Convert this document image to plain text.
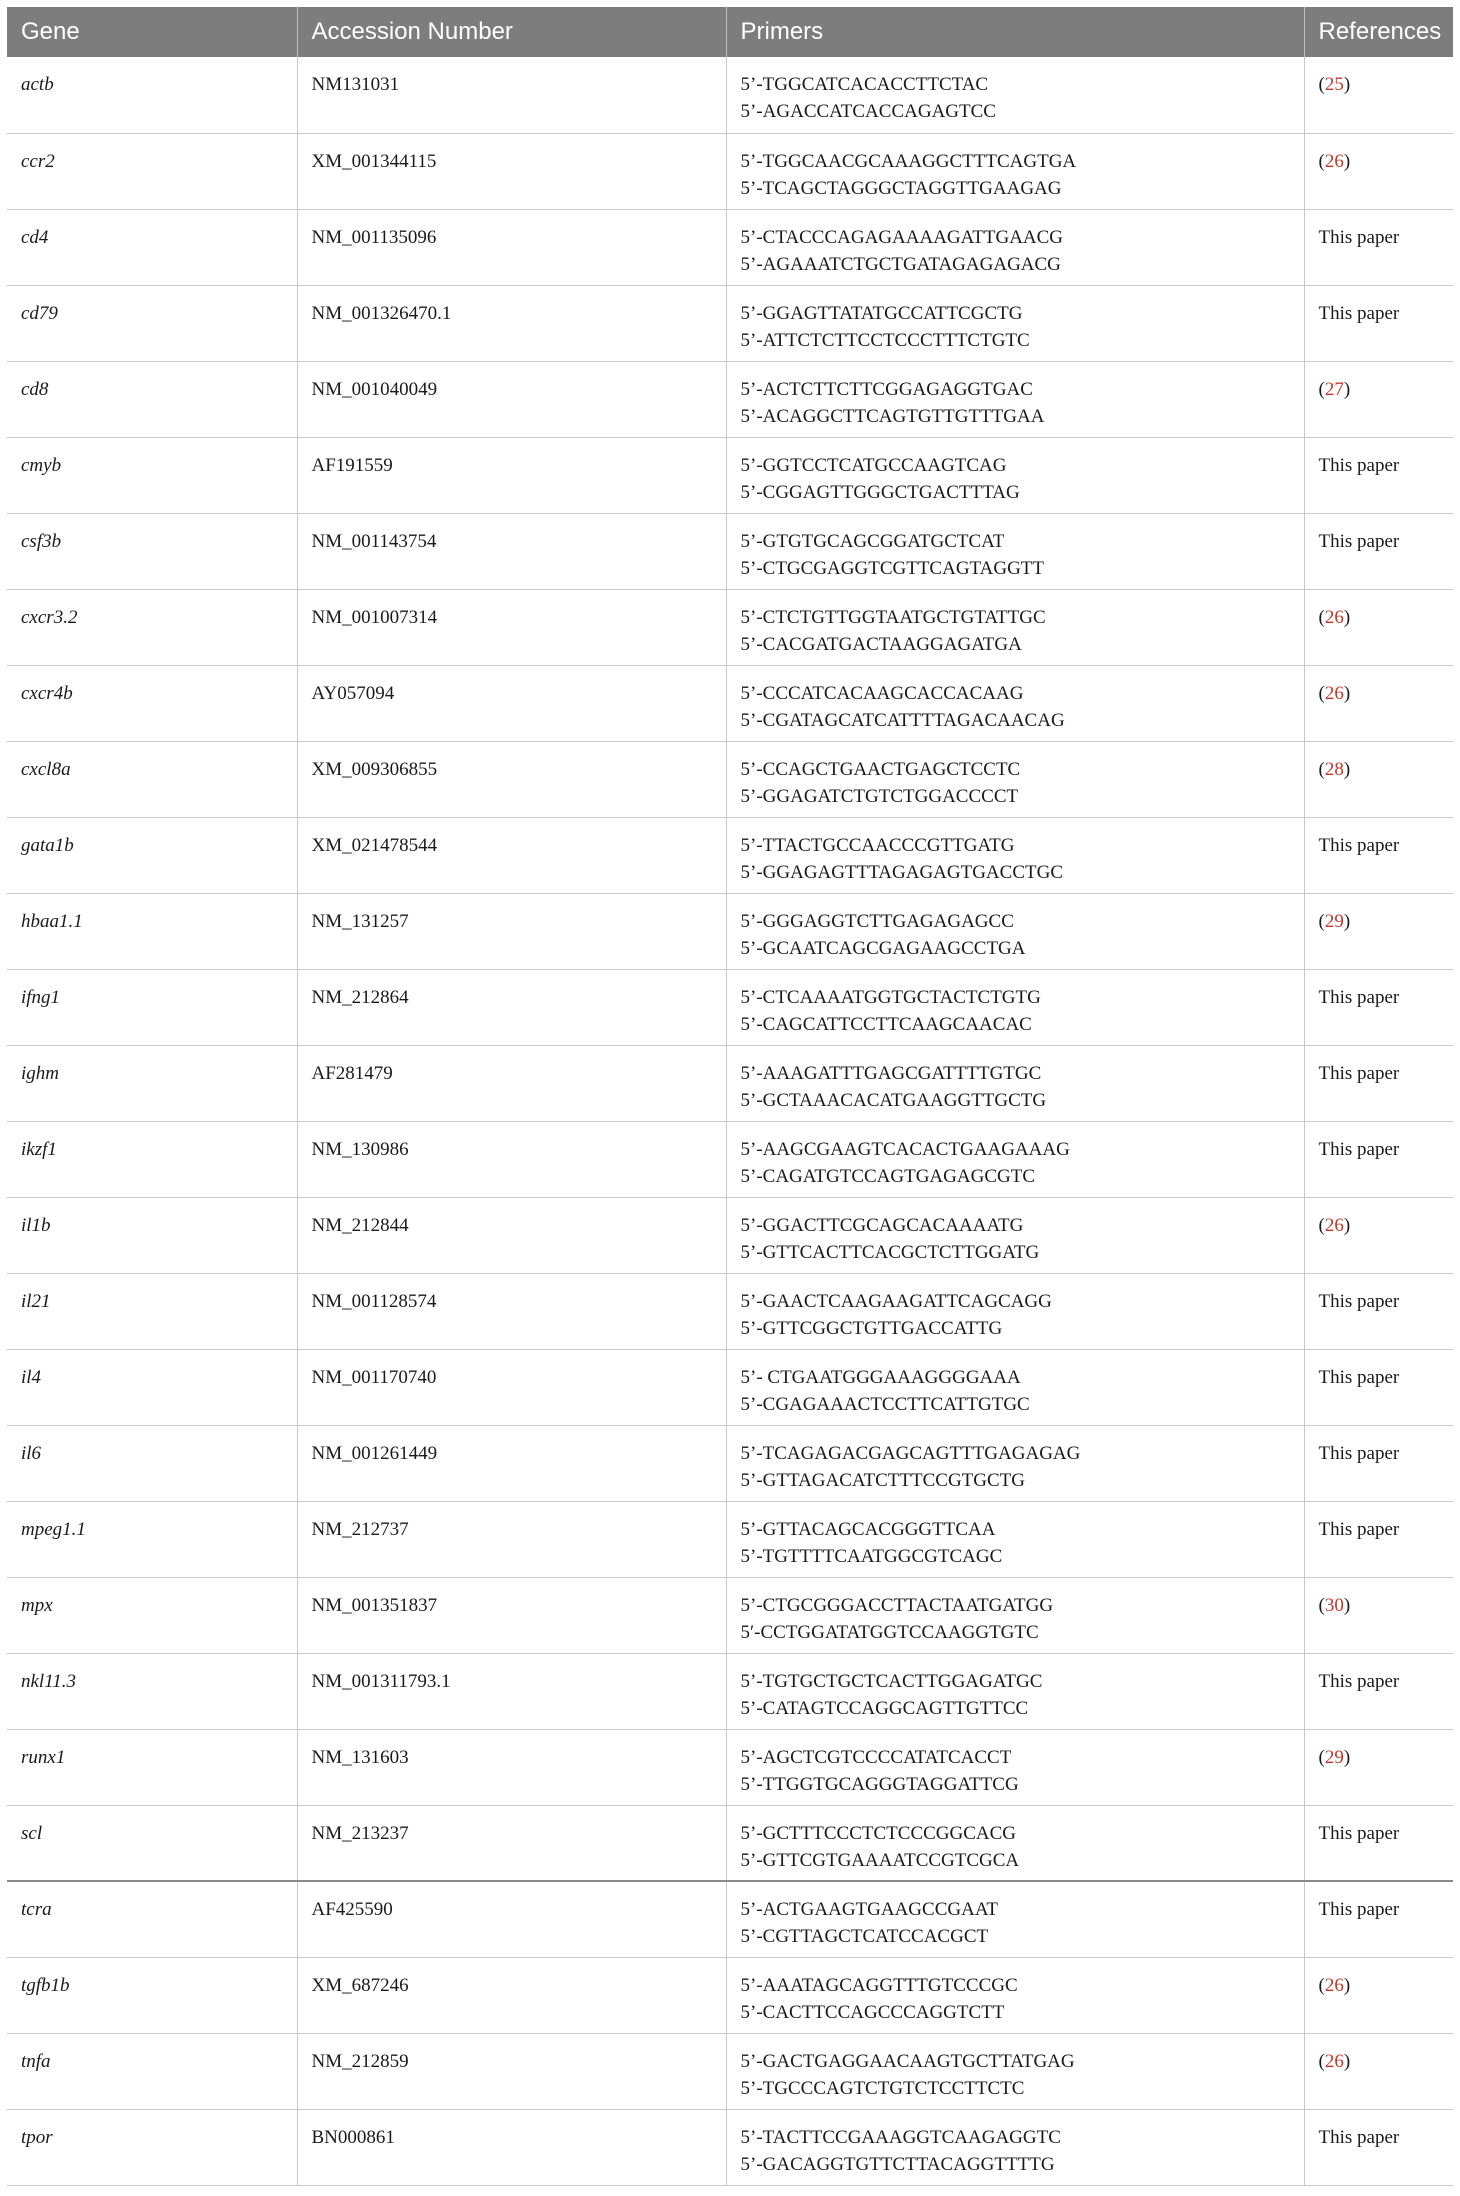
Gene	Accession Number	Primers	References
actb	NM131031	5’-TGGCATCACACCTTCTAC
5’-AGACCATCACCAGAGTCC	(25)
ccr2	XM_001344115	5’-TGGCAACGCAAAGGCTTTCAGTGA
5’-TCAGCTAGGGCTAGGTTGAAGAG	(26)
cd4	NM_001135096	5’-CTACCCAGAGAAAAGATTGAACG
5’-AGAAATCTGCTGATAGAGAGACG	This paper
cd79	NM_001326470.1	5’-GGAGTTATATGCCATTCGCTG
5’-ATTCTCTTCCTCCCTTTCTGTC	This paper
cd8	NM_001040049	5’-ACTCTTCTTCGGAGAGGTGAC
5’-ACAGGCTTCAGTGTTGTTTGAA	(27)
cmyb	AF191559	5’-GGTCCTCATGCCAAGTCAG
5’-CGGAGTTGGGCTGACTTTAG	This paper
csf3b	NM_001143754	5’-GTGTGCAGCGGATGCTCAT
5’-CTGCGAGGTCGTTCAGTAGGTT	This paper
cxcr3.2	NM_001007314	5’-CTCTGTTGGTAATGCTGTATTGC
5’-CACGATGACTAAGGAGATGA	(26)
cxcr4b	AY057094	5’-CCCATCACAAGCACCACAAG
5’-CGATAGCATCATTTTAGACAACAG	(26)
cxcl8a	XM_009306855	5’-CCAGCTGAACTGAGCTCCTC
5’-GGAGATCTGTCTGGACCCCT	(28)
gata1b	XM_021478544	5’-TTACTGCCAACCCGTTGATG
5’-GGAGAGTTTAGAGAGTGACCTGC	This paper
hbaa1.1	NM_131257	5’-GGGAGGTCTTGAGAGAGCC
5’-GCAATCAGCGAGAAGCCTGA	(29)
ifng1	NM_212864	5’-CTCAAAATGGTGCTACTCTGTG
5’-CAGCATTCCTTCAAGCAACAC	This paper
ighm	AF281479	5’-AAAGATTTGAGCGATTTTGTGC
5’-GCTAAACACATGAAGGTTGCTG	This paper
ikzf1	NM_130986	5’-AAGCGAAGTCACACTGAAGAAAG
5’-CAGATGTCCAGTGAGAGCGTC	This paper
il1b	NM_212844	5’-GGACTTCGCAGCACAAAATG
5’-GTTCACTTCACGCTCTTGGATG	(26)
il21	NM_001128574	5’-GAACTCAAGAAGATTCAGCAGG
5’-GTTCGGCTGTTGACCATTG	This paper
il4	NM_001170740	5’- CTGAATGGGAAAGGGGAAA
5’-CGAGAAACTCCTTCATTGTGC	This paper
il6	NM_001261449	5’-TCAGAGACGAGCAGTTTGAGAGAG
5’-GTTAGACATCTTTCCGTGCTG	This paper
mpeg1.1	NM_212737	5’-GTTACAGCACGGGTTCAA
5’-TGTTTTCAATGGCGTCAGC	This paper
mpx	NM_001351837	5’-CTGCGGGACCTTACTAATGATGG
5′-CCTGGATATGGTCCAAGGTGTC	(30)
nkl11.3	NM_001311793.1	5’-TGTGCTGCTCACTTGGAGATGC
5’-CATAGTCCAGGCAGTTGTTCC	This paper
runx1	NM_131603	5’-AGCTCGTCCCCATATCACCT
5’-TTGGTGCAGGGTAGGATTCG	(29)
scl	NM_213237	5’-GCTTTCCCTCTCCCGGCACG
5’-GTTCGTGAAAATCCGTCGCA	This paper
tcra	AF425590	5’-ACTGAAGTGAAGCCGAAT
5’-CGTTAGCTCATCCACGCT	This paper
tgfb1b	XM_687246	5’-AAATAGCAGGTTTGTCCCGC
5’-CACTTCCAGCCCAGGTCTT	(26)
tnfa	NM_212859	5’-GACTGAGGAACAAGTGCTTATGAG
5’-TGCCCAGTCTGTCTCCTTCTC	(26)
tpor	BN000861	5’-TACTTCCGAAAGGTCAAGAGGTC
5’-GACAGGTGTTCTTACAGGTTTTG	This paper
